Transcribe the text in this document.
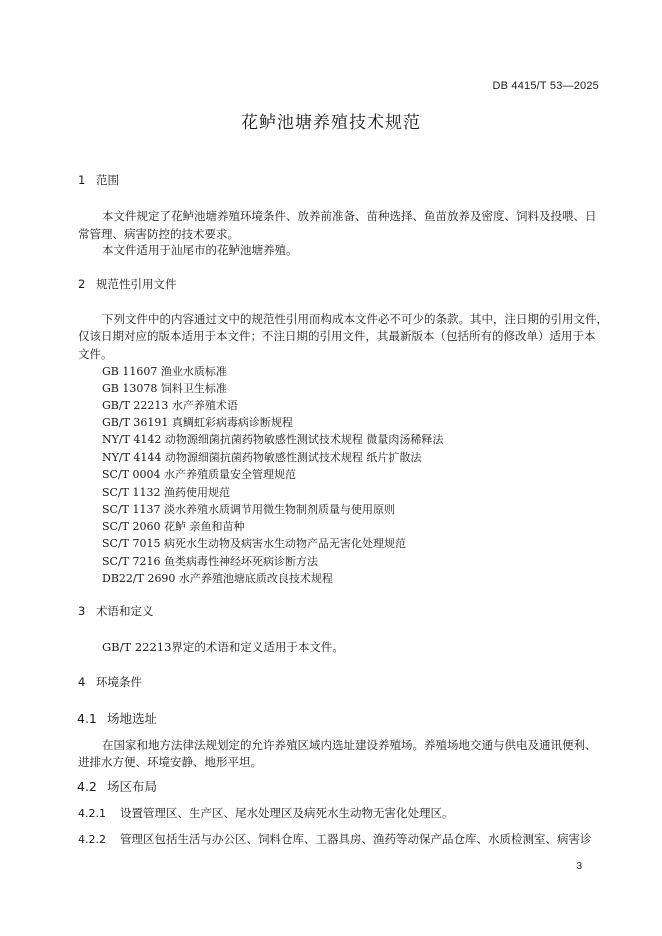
DB 4415/T 53—2025
花鲈池塘养殖技术规范
1 范围
本文件规定了花鲈池塘养殖环境条件、放养前准备、苗种选择、鱼苗放养及密度、饲料及投喂、日
常管理、病害防控的技术要求。
本文件适用于汕尾市的花鲈池塘养殖。
2 规范性引用文件
下列文件中的内容通过文中的规范性引用而构成本文件必不可少的条款。其中，注日期的引用文件，
仅该日期对应的版本适用于本文件；不注日期的引用文件，其最新版本（包括所有的修改单）适用于本
文件。
GB 11607 渔业水质标准
GB 13078 饲料卫生标准
GB/T 22213 水产养殖术语
GB/T 36191 真鲷虹彩病毒病诊断规程
NY/T 4142 动物源细菌抗菌药物敏感性测试技术规程 微量肉汤稀释法
NY/T 4144 动物源细菌抗菌药物敏感性测试技术规程 纸片扩散法
SC/T 0004 水产养殖质量安全管理规范
SC/T 1132 渔药使用规范
SC/T 1137 淡水养殖水质调节用微生物制剂质量与使用原则
SC/T 2060 花鲈 亲鱼和苗种
SC/T 7015 病死水生动物及病害水生动物产品无害化处理规范
SC/T 7216 鱼类病毒性神经坏死病诊断方法
DB22/T 2690 水产养殖池塘底质改良技术规程
3 术语和定义
GB/T 22213界定的术语和定义适用于本文件。
4 环境条件
4.1 场地选址
在国家和地方法律法规划定的允许养殖区域内选址建设养殖场。养殖场地交通与供电及通讯便利、
进排水方便、环境安静、地形平坦。
4.2 场区布局
4.2.1 设置管理区、生产区、尾水处理区及病死水生动物无害化处理区。
4.2.2 管理区包括生活与办公区、饲料仓库、工器具房、渔药等动保产品仓库、水质检测室、病害诊
3
